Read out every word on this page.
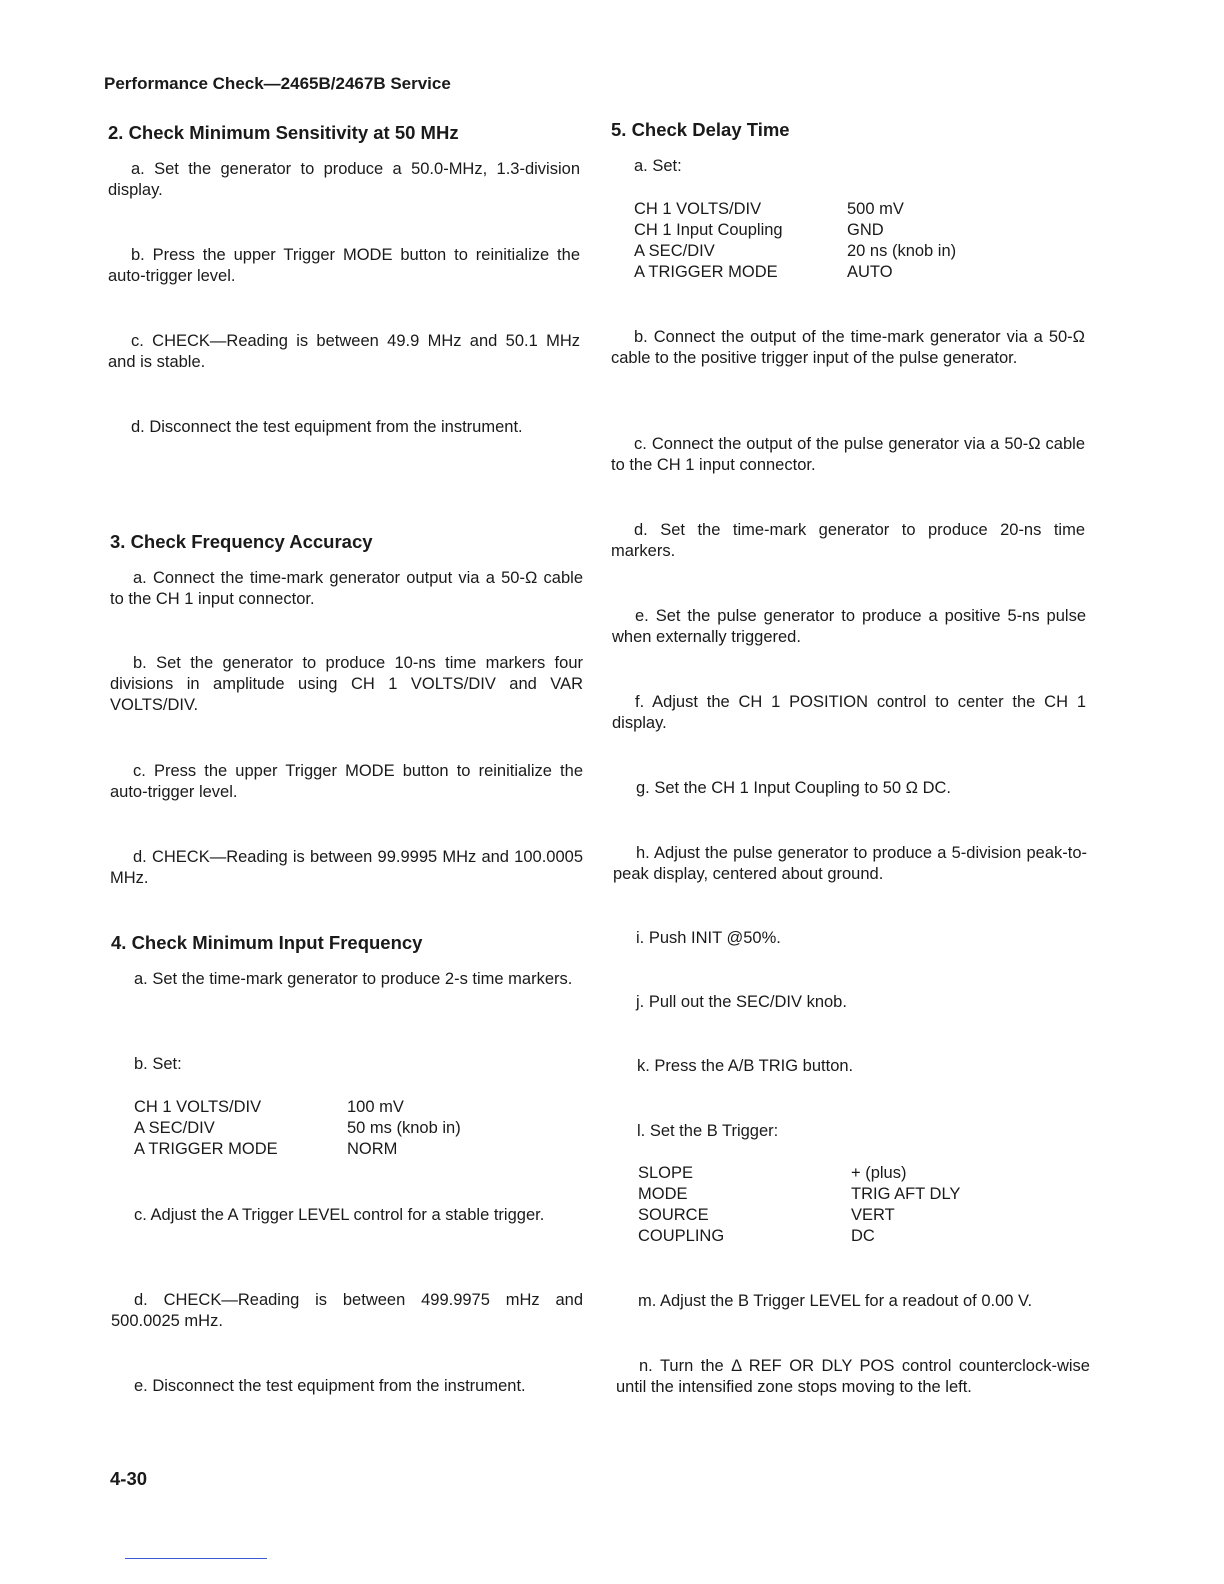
Performance Check—2465B/2467B Service
2. Check Minimum Sensitivity at 50 MHz
a. Set the generator to produce a 50.0-MHz, 1.3-division display.
b. Press the upper Trigger MODE button to reinitialize the auto-trigger level.
c. CHECK—Reading is between 49.9 MHz and 50.1 MHz and is stable.
d. Disconnect the test equipment from the instrument.
3. Check Frequency Accuracy
a. Connect the time-mark generator output via a 50-Ω cable to the CH 1 input connector.
b. Set the generator to produce 10-ns time markers four divisions in amplitude using CH 1 VOLTS/DIV and VAR VOLTS/DIV.
c. Press the upper Trigger MODE button to reinitialize the auto-trigger level.
d. CHECK—Reading is between 99.9995 MHz and 100.0005 MHz.
4. Check Minimum Input Frequency
a. Set the time-mark generator to produce 2-s time markers.
b. Set:
CH 1 VOLTS/DIV	100 mV
A SEC/DIV	50 ms (knob in)
A TRIGGER MODE	NORM
c. Adjust the A Trigger LEVEL control for a stable trigger.
d. CHECK—Reading is between 499.9975 mHz and 500.0025 mHz.
e. Disconnect the test equipment from the instrument.
5. Check Delay Time
a. Set:
CH 1 VOLTS/DIV	500 mV
CH 1 Input Coupling	GND
A SEC/DIV	20 ns (knob in)
A TRIGGER MODE	AUTO
b. Connect the output of the time-mark generator via a 50-Ω cable to the positive trigger input of the pulse generator.
c. Connect the output of the pulse generator via a 50-Ω cable to the CH 1 input connector.
d. Set the time-mark generator to produce 20-ns time markers.
e. Set the pulse generator to produce a positive 5-ns pulse when externally triggered.
f. Adjust the CH 1 POSITION control to center the CH 1 display.
g. Set the CH 1 Input Coupling to 50 Ω DC.
h. Adjust the pulse generator to produce a 5-division peak-to-peak display, centered about ground.
i. Push INIT @50%.
j. Pull out the SEC/DIV knob.
k. Press the A/B TRIG button.
l. Set the B Trigger:
SLOPE	+ (plus)
MODE	TRIG AFT DLY
SOURCE	VERT
COUPLING	DC
m. Adjust the B Trigger LEVEL for a readout of 0.00 V.
n. Turn the Δ REF OR DLY POS control counterclock-wise until the intensified zone stops moving to the left.
4-30
